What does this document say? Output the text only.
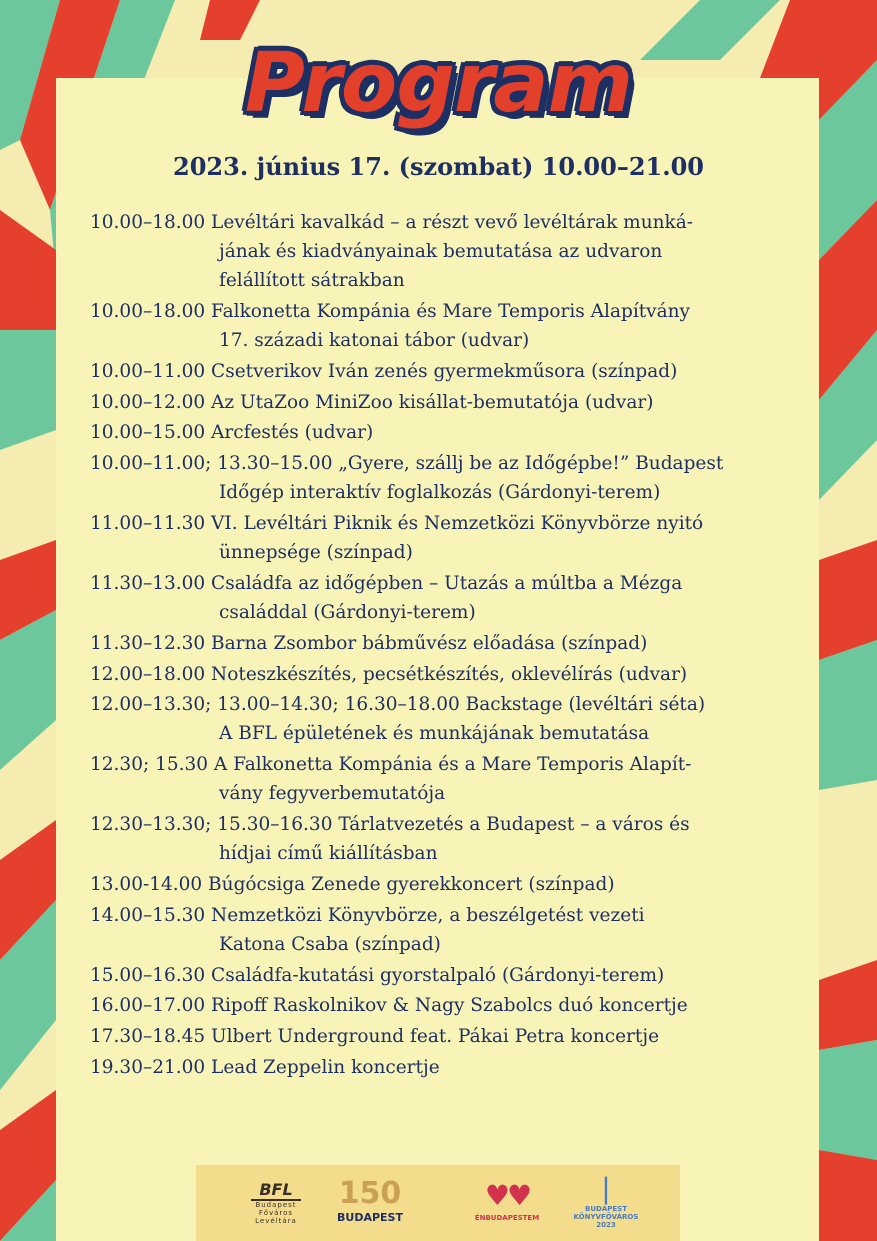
Program
2023. június 17. (szombat) 10.00–21.00
10.00–18.00 Levéltári kavalkád – a részt vevő levéltárak munká-
jának és kiadványainak bemutatása az udvaron
felállított sátrakban
10.00–18.00 Falkonetta Kompánia és Mare Temporis Alapítvány
17. századi katonai tábor (udvar)
10.00–11.00 Csetverikov Iván zenés gyermekműsora (színpad)
10.00–12.00 Az UtaZoo MiniZoo kisállat-bemutatója (udvar)
10.00–15.00 Arcfestés (udvar)
10.00–11.00; 13.30–15.00 „Gyere, szállj be az Időgépbe!” Budapest
Időgép interaktív foglalkozás (Gárdonyi-terem)
11.00–11.30 VI. Levéltári Piknik és Nemzetközi Könyvbörze nyitó
ünnepsége (színpad)
11.30–13.00 Családfa az időgépben – Utazás a múltba a Mézga
családdal (Gárdonyi-terem)
11.30–12.30 Barna Zsombor bábművész előadása (színpad)
12.00–18.00 Noteszkészítés, pecsétkészítés, oklevélírás (udvar)
12.00–13.30; 13.00–14.30; 16.30–18.00 Backstage (levéltári séta)
A BFL épületének és munkájának bemutatása
12.30; 15.30 A Falkonetta Kompánia és a Mare Temporis Alapít-
vány fegyverbemutatója
12.30–13.30; 15.30–16.30 Tárlatvezetés a Budapest – a város és
hídjai című kiállításban
13.00-14.00 Búgócsiga Zenede gyerekkoncert (színpad)
14.00–15.30 Nemzetközi Könyvbörze, a beszélgetést vezeti
Katona Csaba (színpad)
15.00–16.30 Családfa-kutatási gyorstalpaló (Gárdonyi-terem)
16.00–17.00 Ripoff Raskolnikov & Nagy Szabolcs duó koncertje
17.30–18.45 Ulbert Underground feat. Pákai Petra koncertje
19.30–21.00 Lead Zeppelin koncertje
BFL
Budapest Főváros Levéltára
150
BUDAPEST
♥♥
ÉNBUDAPESTEM
❘
BUDAPEST KÖNYVFŐVÁROS 2023
